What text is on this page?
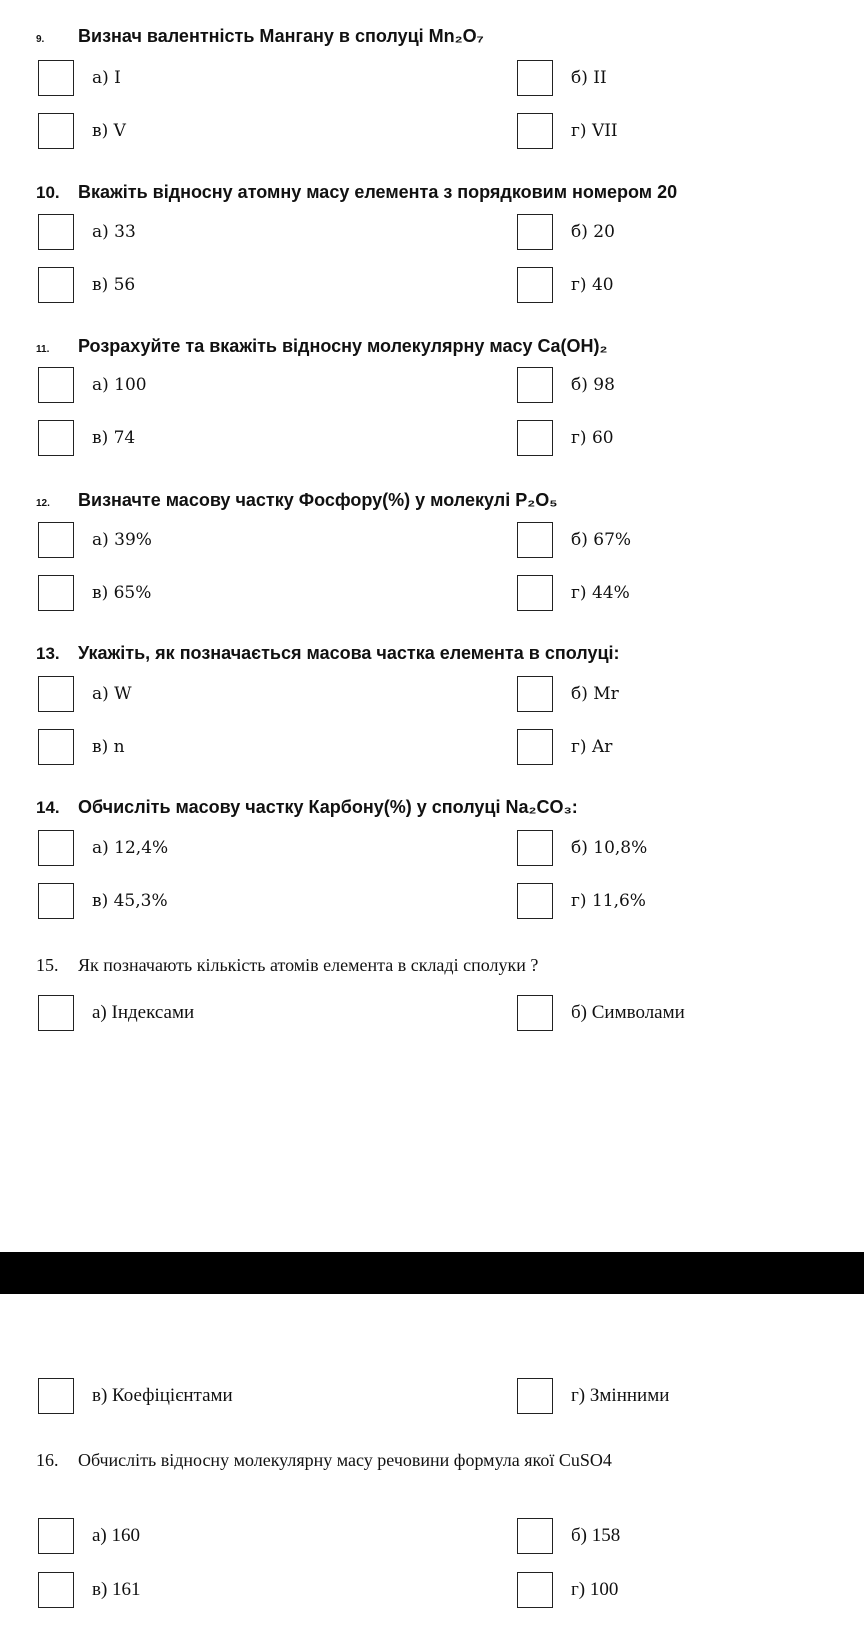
9.	Визнач валентність Мангану в сполуці Mn₂O₇
а) I	б) II
в) V	г) VII
10.	Вкажіть відносну атомну масу елемента з порядковим номером 20
а) 33	б) 20
в) 56	г) 40
11.	Розрахуйте та вкажіть відносну молекулярну масу Ca(OH)₂
а) 100	б) 98
в) 74	г) 60
12.	Визначте масову частку Фосфору(%) у молекулі P₂O₅
а) 39%	б) 67%
в) 65%	г) 44%
13.	Укажіть, як позначається масова частка елемента в сполуці:
а) W	б) Mr
в) n	г) Ar
14.	Обчисліть масову частку Карбону(%) у сполуці Na₂CO₃:
а) 12,4%	б) 10,8%
в) 45,3%	г) 11,6%
15.	Як позначають кількість атомів елемента в складі сполуки ?
а) Індексами	б) Символами
в) Коефіцієнтами	г) Змінними
16.	Обчисліть відносну молекулярну масу речовини формула якої CuSO4
а) 160	б) 158
в) 161	г) 100
